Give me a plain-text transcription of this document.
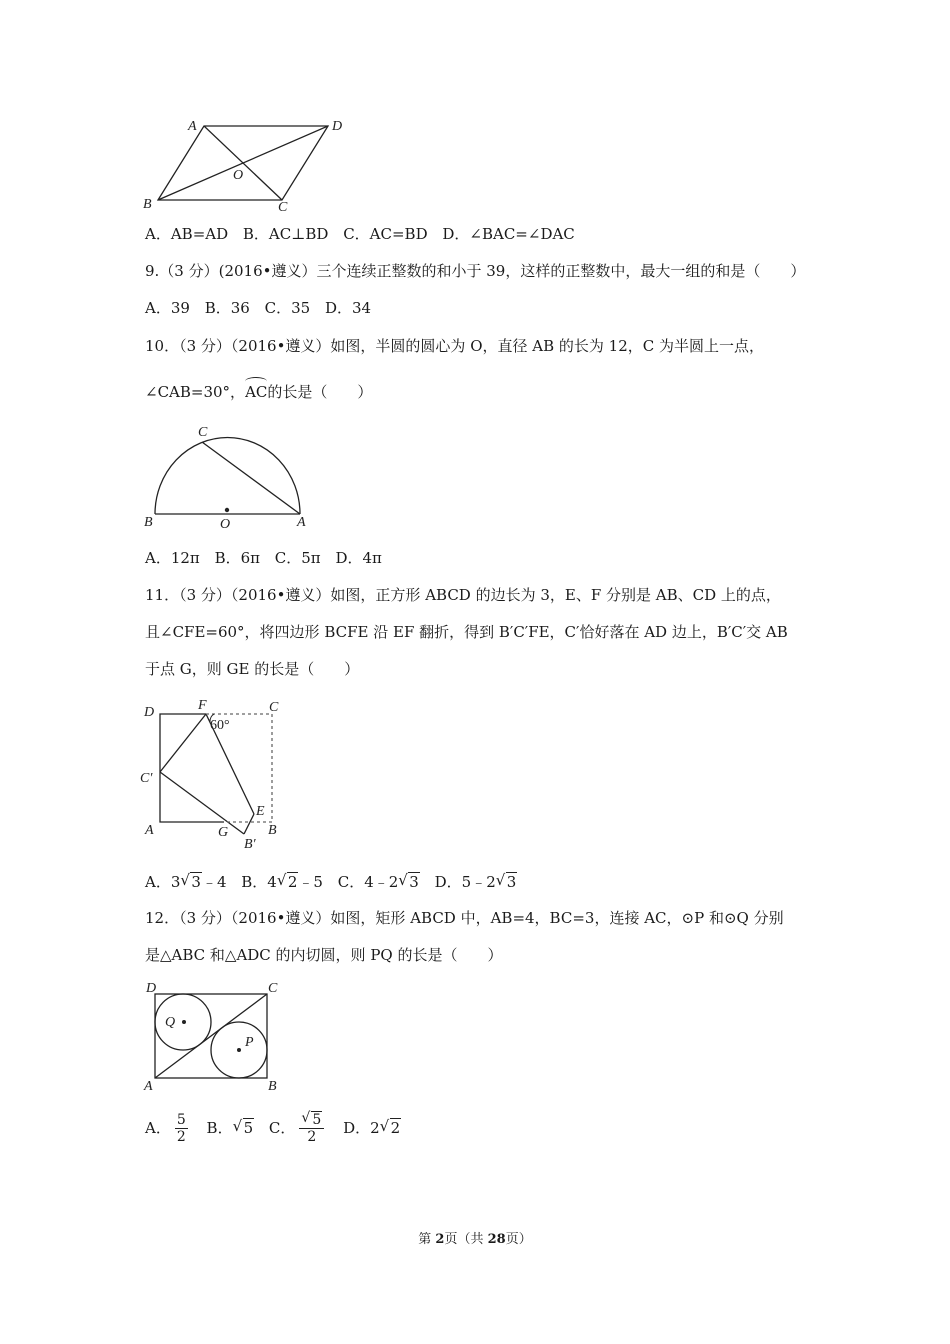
A	D
B	C
O
A．AB=AD B．AC⊥BD C．AC=BD D．∠BAC=∠DAC
9.（3 分）(2016•遵义）三个连续正整数的和小于 39，这样的正整数中，最大一组的和是（　　）
A．39 B．36 C．35 D．34
10．（3 分）（2016•遵义）如图，半圆的圆心为 O，直径 AB 的长为 12，C 为半圆上一点，
∠CAB=30°，AC的长是（　　）
C
B	O	A
A．12π B．6π C．5π D．4π
11．（3 分）（2016•遵义）如图，正方形 ABCD 的边长为 3，E、F 分别是 AB、CD 上的点，
且∠CFE=60°，将四边形 BCFE 沿 EF 翻折，得到 B′C′FE，C′恰好落在 AD 边上，B′C′交 AB
于点 G，则 GE 的长是（　　）
D	F	C
60°
C′
E
A	G	B
B′
A．3 √ 3﹣4 B．4 √ 2﹣5 C．4﹣2 √ 3 D．5﹣2 √ 3
12．（3 分）（2016•遵义）如图，矩形 ABCD 中，AB=4，BC=3，连接 AC，⊙P 和⊙Q 分别
是△ABC 和△ADC 的内切圆，则 PQ 的长是（　　）
D	C
Q
P
A	B
A． $\frac{5}{2}$ B． √ 5 C． $\frac{√ 5}{2}$ D．2 √ 2
第 2页（共 28页）
